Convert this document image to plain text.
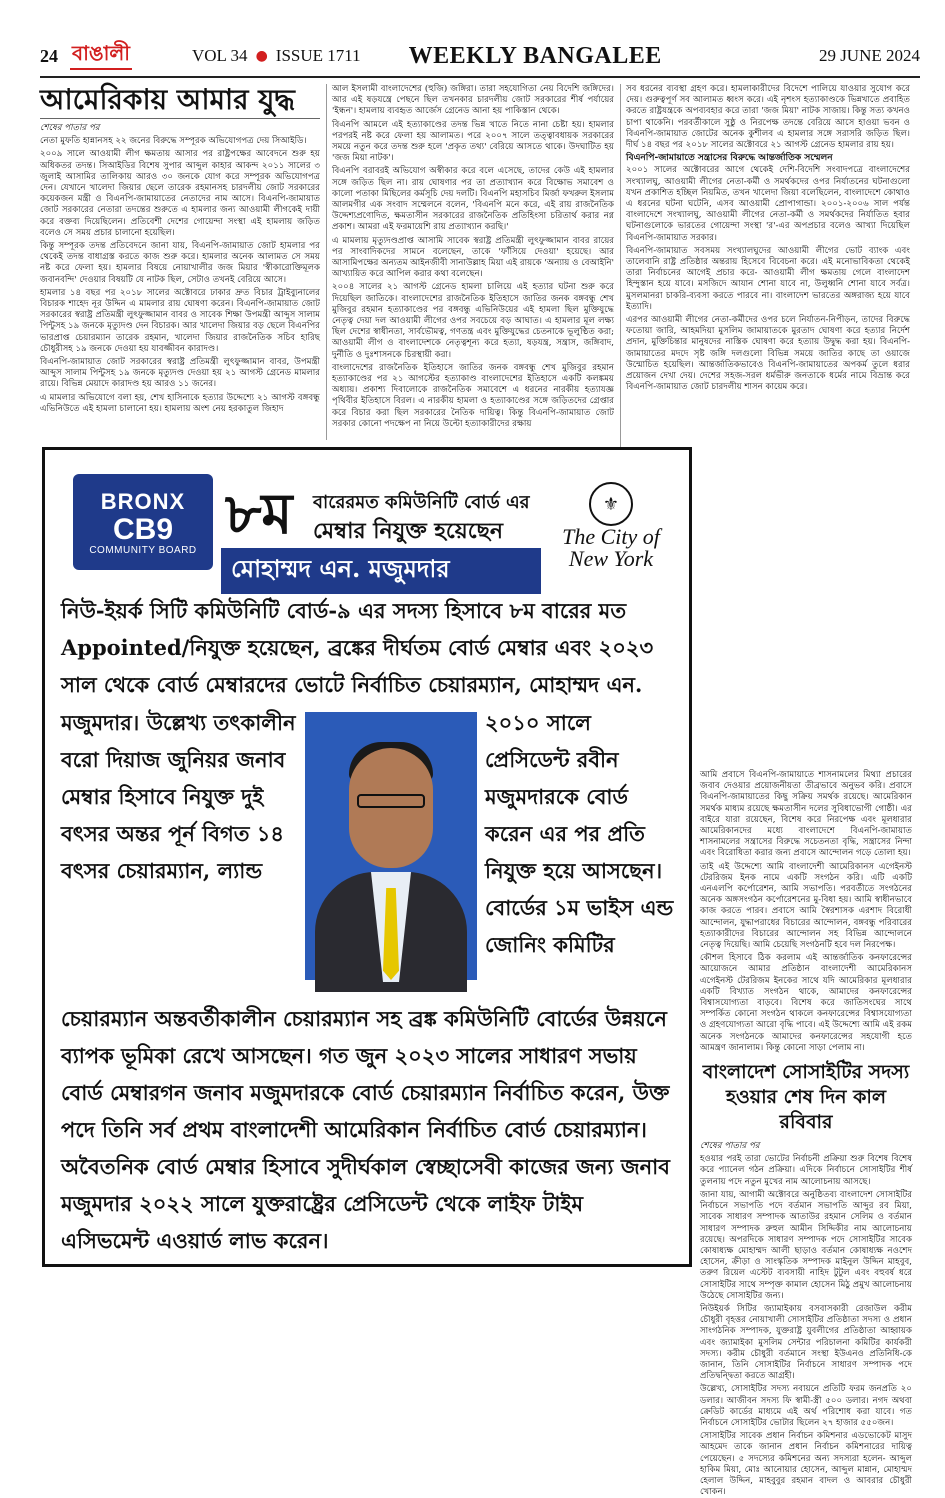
24 বাঙালী	VOL 34 ● ISSUE 1711 WEEKLY BANGALEE	29 JUNE 2024
আমেরিকায় আমার যুদ্ধ

শেষের পাতার পর

নেতা মুফতি হান্নানসহ ২২ জনের বিরুদ্ধে সম্পূরক অভিযোগপত্র দেয় সিআইডি।

২০০৯ সালে আওয়ামী লীগ ক্ষমতায় আসার পর রাষ্ট্রপক্ষের আবেদনে শুরু হয় অধিকতর তদন্ত। সিআইডির বিশেষ সুপার আব্দুল কাহার আকন্দ ২০১১ সালের ৩ জুলাই আসামির তালিকায় আরও ৩০ জনকে যোগ করে সম্পূরক অভিযোগপত্র দেন। যেখানে খালেদা জিয়ার ছেলে তারেক রহমানসহ চারদলীয় জোট সরকারের কয়েকজন মন্ত্রী ও বিএনপি-জামায়াতের নেতাদের নাম আসে। বিএনপি-জামায়াত জোট সরকারের নেতারা তদন্তের শুরুতে এ হামলার জন্য আওয়ামী লীগকেই দায়ী করে বক্তব্য দিয়েছিলেন। প্রতিবেশী দেশের গোয়েন্দা সংস্থা এই হামলায় জড়িত বলেও সে সময় প্রচার চালানো হয়েছিল।

কিন্তু সম্পূরক তদন্ত প্রতিবেদনে জানা যায়, বিএনপি-জামায়াত জোট হামলার পর থেকেই তদন্ত বাধাগ্রস্ত করতে কাজ শুরু করে। হামলার অনেক আলামত সে সময় নষ্ট করে ফেলা হয়। হামলার বিষয়ে নোয়াখালীর জজ মিয়ার 'স্বীকারোক্তিমূলক জবানবন্দি' দেওয়ার বিষয়টি যে নাটক ছিল, সেটাও তখনই বেরিয়ে আসে।

হামলার ১৪ বছর পর ২০১৮ সালের অক্টোবরে ঢাকার দ্রুত বিচার ট্রাইব্যুনালের বিচারক শাহেদ নূর উদ্দিন এ মামলার রায় ঘোষণা করেন। বিএনপি-জামায়াত জোট সরকারের স্বরাষ্ট্র প্রতিমন্ত্রী লুৎফুজ্জামান বাবর ও সাবেক শিক্ষা উপমন্ত্রী আব্দুস সালাম পিন্টুসহ ১৯ জনকে মৃত্যুদণ্ড দেন বিচারক। আর খালেদা জিয়ার বড় ছেলে বিএনপির ভারপ্রাপ্ত চেয়ারম্যান তারেক রহমান, খালেদা জিয়ার রাজনৈতিক সচিব হারিছ চৌধুরীসহ ১৯ জনকে দেওয়া হয় যাবজ্জীবন কারাদণ্ড।

বিএনপি-জামায়াত জোট সরকারের স্বরাষ্ট্র প্রতিমন্ত্রী লুৎফুজ্জামান বাবর, উপমন্ত্রী আব্দুস সালাম পিন্টুসহ ১৯ জনকে মৃত্যুদণ্ড দেওয়া হয় ২১ আগস্ট গ্রেনেড মামলার রায়ে। বিভিন্ন মেয়াদে কারাদণ্ড হয় আরও ১১ জনের।

এ মামলার অভিযোগে বলা হয়, শেখ হাসিনাকে হত্যার উদ্দেশ্যে ২১ আগস্ট বঙ্গবন্ধু এভিনিউতে এই হামলা চালানো হয়। হামলায় অংশ নেয় হরকাতুল জিহাদ

আল ইসলামী বাংলাদেশের (হুজি) জঙ্গিরা। তারা সহযোগিতা নেয় বিদেশি জঙ্গিদের। আর এই ষড়যন্ত্রে পেছনে ছিল তখনকার চারদলীয় জোট সরকারের শীর্ষ পর্যায়ের 'ইন্ধন'। হামলায় ব্যবহৃত আর্জেস গ্রেনেড আনা হয় পাকিস্তান থেকে।

বিএনপি আমলে এই হত্যাকাণ্ডের তদন্ত ভিন্ন খাতে নিতে নানা চেষ্টা হয়। হামলার পরপরই নষ্ট করে ফেলা হয় আলামত। পরে ২০০৭ সালে তত্ত্বাবধায়ক সরকারের সময়ে নতুন করে তদন্ত শুরু হলে 'প্রকৃত তথ্য' বেরিয়ে আসতে থাকে। উদঘাটিত হয় 'জজ মিয়া নাটক'।

বিএনপি বরাবরই অভিযোগ অস্বীকার করে বলে এসেছে, তাদের কেউ এই হামলার সঙ্গে জড়িত ছিল না। রায় ঘোষণার পর তা প্রত্যাখ্যান করে বিক্ষোভ সমাবেশ ও কালো পতাকা মিছিলের কর্মসূচি দেয় দলটি। বিএনপি মহাসচিব মির্জা ফখরুল ইসলাম আলমগীর এক সংবাদ সম্মেলনে বলেন, 'বিএনপি মনে করে, এই রায় রাজনৈতিক উদ্দেশ্যপ্রণোদিত, ক্ষমতাসীন সরকারের রাজনৈতিক প্রতিহিংসা চরিতার্থ করার নগ্ন প্রকাশ। আমরা এই ফরমায়েশি রায় প্রত্যাখ্যান করছি।'

এ মামলায় মৃত্যুদণ্ডপ্রাপ্ত আসামি সাবেক স্বরাষ্ট্র প্রতিমন্ত্রী লুৎফুজ্জামান বাবর রায়ের পর সাংবাদিকদের সামনে বলেছেন, তাকে 'ফাঁসিয়ে দেওয়া' হয়েছে। আর আসামিপক্ষের অন্যতম আইনজীবী সানাউল্লাহ মিয়া এই রায়কে 'অন্যায় ও বেআইনি' আখ্যায়িত করে আপিল করার কথা বলেছেন।

২০০৪ সালের ২১ আগস্ট গ্রেনেড হামলা চালিয়ে এই হত্যার ঘটনা শুরু করে দিয়েছিল জাতিকে। বাংলাদেশের রাজনৈতিক ইতিহাসে জাতির জনক বঙ্গবন্ধু শেখ মুজিবুর রহমান হত্যাকাণ্ডের পর বঙ্গবন্ধু এভিনিউয়ের এই হামলা ছিল মুক্তিযুদ্ধে নেতৃত্ব দেয়া দল আওয়ামী লীগের ওপর সবচেয়ে বড় আঘাত। এ হামলার মূল লক্ষ্য ছিল দেশের স্বাধীনতা, সার্বভৌমত্ব, গণতন্ত্র এবং মুক্তিযুদ্ধের চেতনাকে ভূলুণ্ঠিত করা; আওয়ামী লীগ ও বাংলাদেশকে নেতৃত্বশূন্য করে হত্যা, ষড়যন্ত্র, সন্ত্রাস, জঙ্গিবাদ, দুর্নীতি ও দুঃশাসনকে চিরস্থায়ী করা।

বাংলাদেশের রাজনৈতিক ইতিহাসে জাতির জনক বঙ্গবন্ধু শেখ মুজিবুর রহমান হত্যাকাণ্ডের পর ২১ আগস্টের হত্যাকাণ্ড বাংলাদেশের ইতিহাসে একটি কলঙ্কময় অধ্যায়। প্রকাশ্য দিবালোকে রাজনৈতিক সমাবেশে এ ধরনের নারকীয় হত্যাযজ্ঞ পৃথিবীর ইতিহাসে বিরল। এ নারকীয় হামলা ও হত্যাকাণ্ডের সঙ্গে জড়িতদের গ্রেপ্তার করে বিচার করা ছিল সরকারের নৈতিক দায়িত্ব। কিন্তু বিএনপি-জামায়াত জোট সরকার কোনো পদক্ষেপ না নিয়ে উল্টো হত্যাকারীদের রক্ষায়

সব ধরনের ব্যবস্থা গ্রহণ করে। হামলাকারীদের বিদেশে পালিয়ে যাওয়ার সুযোগ করে দেয়। গুরুত্বপূর্ণ সব আলামত ধ্বংস করে। এই নৃশংস হত্যাকাণ্ডকে ভিন্নখাতে প্রবাহিত করতে রাষ্ট্রযন্ত্রকে অপব্যবহার করে তারা 'জজ মিয়া' নাটক সাজায়। কিন্তু সত্য কখনও চাপা থাকেনি। পরবর্তীকালে সুষ্ঠু ও নিরপেক্ষ তদন্তে বেরিয়ে আসে হাওয়া ভবন ও বিএনপি-জামায়াত জোটের অনেক কুশীলব এ হামলার সঙ্গে সরাসরি জড়িত ছিল। দীর্ঘ ১৪ বছর পর ২০১৮ সালের অক্টোবরে ২১ আগস্ট গ্রেনেড হামলার রায় হয়।

বিএনপি-জামায়াতে সন্ত্রাসের বিরুদ্ধে আন্তর্জাতিক সম্মেলন

২০০১ সালের অক্টোবরের আগে থেকেই দেশি-বিদেশি সংবাদপত্রে বাংলাদেশের সংখ্যালঘু, আওয়ামী লীগের নেতা-কর্মী ও সমর্থকদের ওপর নির্যাতনের ঘটনাগুলো যখন প্রকাশিত হচ্ছিল নিয়মিত, তখন খালেদা জিয়া বলেছিলেন, বাংলাদেশে কোথাও এ ধরনের ঘটনা ঘটেনি, এসব আওয়ামী প্রোপাগান্ডা। ২০০১-২০০৬ সাল পর্যন্ত বাংলাদেশে সংখ্যালঘু, আওয়ামী লীগের নেতা-কর্মী ও সমর্থকদের নির্যাতিত হবার ঘটনাগুলোকে ভারতের গোয়েন্দা সংস্থা 'র'-এর অপপ্রচার বলেও আখ্যা দিয়েছিল বিএনপি-জামায়াত সরকার।

বিএনপি-জামায়াত সবসময় সংখ্যালঘুদের আওয়ামী লীগের ভোট ব্যাংক এবং তালেবানি রাষ্ট্র প্রতিষ্ঠার অন্তরায় হিসেবে বিবেচনা করে। এই মনোভাবিকতা থেকেই তারা নির্বাচনের আগেই প্রচার করে- আওয়ামী লীগ ক্ষমতায় গেলে বাংলাদেশ হিন্দুস্তান হয়ে যাবে। মসজিদে আযান শোনা যাবে না, উলুধ্বনি শোনা যাবে সর্বত্র। মুসলমানরা চাকরি-ব্যবসা করতে পারবে না। বাংলাদেশ ভারতের অঙ্গরাজ্য হয়ে যাবে ইত্যাদি।

এরপর আওয়ামী লীগের নেতা-কর্মীদের ওপর চলে নির্যাতন-নিপীড়ন, তাদের বিরুদ্ধে ফতোয়া জারি, আহমদিয়া মুসলিম জামায়াতকে মুরতাদ ঘোষণা করে হত্যার নির্দেশ প্রদান, মুক্তিচিন্তার মানুষদের নাস্তিক ঘোষণা করে হত্যায় উদ্বুদ্ধ করা হয়। বিএনপি-জামায়াতের মদদে সৃষ্ট জঙ্গি দলগুলো বিভিন্ন সময়ে জাতির কাছে তা ওয়াজে উন্মোচিত হয়েছিল। আন্তর্জাতিকভাবেও বিএনপি-জামায়াতের অপকর্ম তুলে ধরার প্রয়োজন দেখা দেয়। দেশের সহজ-সরল ধর্মভীরু জনতাকে ধর্মের নামে বিভ্রান্ত করে বিএনপি-জামায়াত জোট চারদলীয় শাসন কায়েম করে।

BRONX
CB9
COMMUNITY BOARD
৮ম বারেরমত কমিউনিটি বোর্ড এর
মেম্বার নিযুক্ত হয়েছেন
মোহাম্মদ এন. মজুমদার
⚜
The City of New York
নিউ-ইয়র্ক সিটি কমিউনিটি বোর্ড-৯ এর সদস্য হিসাবে ৮ম বারের মত Appointed/নিযুক্ত হয়েছেন, ব্রঙ্কের দীর্ঘতম বোর্ড মেম্বার এবং ২০২৩ সাল থেকে বোর্ড মেম্বারদের ভোটে নির্বাচিত চেয়ারম্যান, মোহাম্মদ এন.
মজুমদার। উল্লেখ্য তৎকালীন বরো দিয়াজ জুনিয়র জনাব মেম্বার হিসাবে নিযুক্ত দুই বৎসর অন্তর পূর্ন বিগত ১৪ বৎসর চেয়ারম্যান, ল্যান্ড
২০১০ সালে প্রেসিডেন্ট রবীন মজুমদারকে বোর্ড করেন এর পর প্রতি নিযুক্ত হয়ে আসছেন। বোর্ডের ১ম ভাইস এন্ড জোনিং কমিটির
চেয়ারম্যান অন্তবর্তীকালীন চেয়ারম্যান সহ ব্রঙ্ক কমিউনিটি বোর্ডের উন্নয়নে ব্যাপক ভূমিকা রেখে আসছেন। গত জুন ২০২৩ সালের সাধারণ সভায় বোর্ড মেম্বারগন জনাব মজুমদারকে বোর্ড চেয়ারম্যান নির্বাচিত করেন, উক্ত পদে তিনি সর্ব প্রথম বাংলাদেশী আমেরিকান নির্বাচিত বোর্ড চেয়ারম্যান। অবৈতনিক বোর্ড মেম্বার হিসাবে সুদীর্ঘকাল স্বেচ্ছাসেবী কাজের জন্য জনাব মজুমদার ২০২২ সালে যুক্তরাষ্ট্রের প্রেসিডেন্ট থেকে লাইফ টাইম এসিভমেন্ট এওয়ার্ড লাভ করেন।

আমি প্রবাসে বিএনপি-জামায়াতে শাসনামলের মিথ্যা প্রচারের জবাব দেওয়ার প্রয়োজনীয়তা তীব্রভাবে অনুভব করি। প্রবাসে বিএনপি-জামায়াতের কিছু সক্রিয় সমর্থক রয়েছে। আমেরিকান সমর্থক মাধ্যম রয়েছে ক্ষমতাসীন দলের সুবিধাভোগী গোষ্ঠী। এর বাইরে যারা রয়েছেন, বিশেষ করে নিরপেক্ষ এবং মূলধারার আমেরিকানদের মধ্যে বাংলাদেশে বিএনপি-জামায়াত শাসনামলের সন্ত্রাসের বিরুদ্ধে সচেতনতা বৃদ্ধি, সন্ত্রাসের নিন্দা এবং বিরোধিতা করার জন্য প্রবাসে আন্দোলন গড়ে তোলা হয়।

তাই এই উদ্দেশ্যে আমি বাংলাদেশী আমেরিকানস এগেইনস্ট টেররিজম ইনক নামে একটি সংগঠন করি। এটি একটি এনএলপি কর্পোরেশন, আমি সভাপতি। পরবর্তীতে সংগঠনের অনেক অঙ্গসংগঠন কর্পোরেশনের মু-বিধা হয়। আমি স্বাধীনভাবে কাজ করতে পারব। প্রবাসে আমি স্বৈরশাসক এরশাদ বিরোধী আন্দোলন, যুদ্ধাপরাধের বিচারের আন্দোলন, বঙ্গবন্ধু পরিবারের হত্যাকারীদের বিচারের আন্দোলন সহ বিভিন্ন আন্দোলনে নেতৃত্ব দিয়েছি। আমি চেয়েছি সংগঠনটি হবে দল নিরপেক্ষ।

কৌশল হিসাবে ঠিক করলাম এই আন্তর্জাতিক কনফারেন্সের আয়োজনে আমার প্রতিষ্ঠান বাংলাদেশী আমেরিকানস এগেইনস্ট টেররিজম ইনকের সাথে যদি আমেরিকার মূলধারার একটি বিখ্যাত সংগঠন থাকে, আমাদের কনফারেন্সের বিশ্বাসযোগ্যতা বাড়বে। বিশেষ করে জাতিসংঘের সাথে সম্পর্কিত কোনো সংগঠন থাকলে কনফারেন্সের বিশ্বাসযোগ্যতা ও গ্রহণযোগ্যতা আরো বৃদ্ধি পাবে। এই উদ্দেশ্যে আমি এই রকম অনেক সংগঠনকে আমাদের কনফারেন্সের সহযোগী হতে আমন্ত্রণ জানালাম। কিন্তু কোনো সাড়া পেলাম না।

বাংলাদেশ সোসাইটির সদস্য হওয়ার শেষ দিন কাল রবিবার

শেষের পাতার পর

হওয়ার পরই তারা ভোটের নির্বাচনী প্রক্রিয়া শুরু বিশেষ বিশেষ করে প্যানেল গঠন প্রক্রিয়া। এদিকে নির্বাচনে সোসাইটির শীর্ষ তুলনায় পদে নতুন মুখের নাম আলোচনায় আসছে।

জানা যায়, আগামী অক্টোবরে অনুষ্ঠিতব্য বাংলাদেশ সোসাইটির নির্বাচনে সভাপতি পদে বর্তমান সভাপতি আব্দুর রব মিয়া, সাবেক সাধারণ সম্পাদক আতাউর রহমান সেলিম ও বর্তমান সাধারণ সম্পাদক রুহুল আমীন সিদ্দিকীর নাম আলোচনায় রয়েছে। অপরদিকে সাধারণ সম্পাদক পদে সোসাইটির সাবেক কোষাধ্যক্ষ মোহাম্মদ আলী ছাড়াও বর্তমান কোষাধ্যক্ষ নওশেদ হোসেন, ক্রীড়া ও সাংস্কৃতিক সম্পাদক মাইনুল উদ্দিন মাহবুব, তরুণ রিয়েল এস্টেট ব্যবসায়ী নাহিদ টুটুল এবং বহুবর্ষ ধরে সোসাইটির সাথে সম্পৃক্ত কামাল হোসেন মিঠু প্রমুখ আলোচনায় উঠেছে সোসাইটির জন্য।

নিউইয়র্ক সিটির জ্যামাইকায় বসবাসকারী রেজাউল করীম চৌধুরী বৃহত্তর নোয়াখালী সোসাইটির প্রতিষ্ঠাতা সদস্য ও প্রধান সাংগঠনিক সম্পাদক, যুক্তরাষ্ট্র যুবলীগের প্রতিষ্ঠাতা আহ্বায়ক এবং জ্যামাইকা মুসলিম সেন্টার পরিচালনা কমিটির কার্যকরী সদস্য। করীম চৌধুরী বর্তমানে সংস্থা ইউএনও প্রতিনিধি-কে জানান, তিনি সোসাইটির নির্বাচনে সাধারণ সম্পাদক পদে প্রতিদ্বন্দ্বিতা করতে আগ্রহী।

উল্লেখ্য, সোসাইটির সদস্য নবায়নে প্রতিটি ফরম জনপ্রতি ২০ ডলার। আজীবন সদস্য ফি স্বামী-স্ত্রী ৫০০ ডলার। নগদ অথবা ক্রেডিট কার্ডের মাধ্যমে এই অর্থ পরিশোধ করা যাবে। গত নির্বাচনে সোসাইটির ভোটার ছিলেন ২৭ হাজার ৫৫০জন।

সোসাইটির সাবেক প্রধান নির্বাচন কমিশনার এডভোকেট মাসুদ আহমেদ তাকে জানান প্রধান নির্বাচন কমিশনারের দায়িত্ব পেয়েছেন। ৫ সদস্যের কমিশনের অন্য সদস্যরা হলেন- আব্দুল হাকিম মিয়া, মোঃ আনোয়ার হোসেন, আব্দুল মান্নান, মোহাম্মদ হেলাল উদ্দিন, মাহবুবুর রহমান বাদল ও আবরার চৌধুরী খোকন।
